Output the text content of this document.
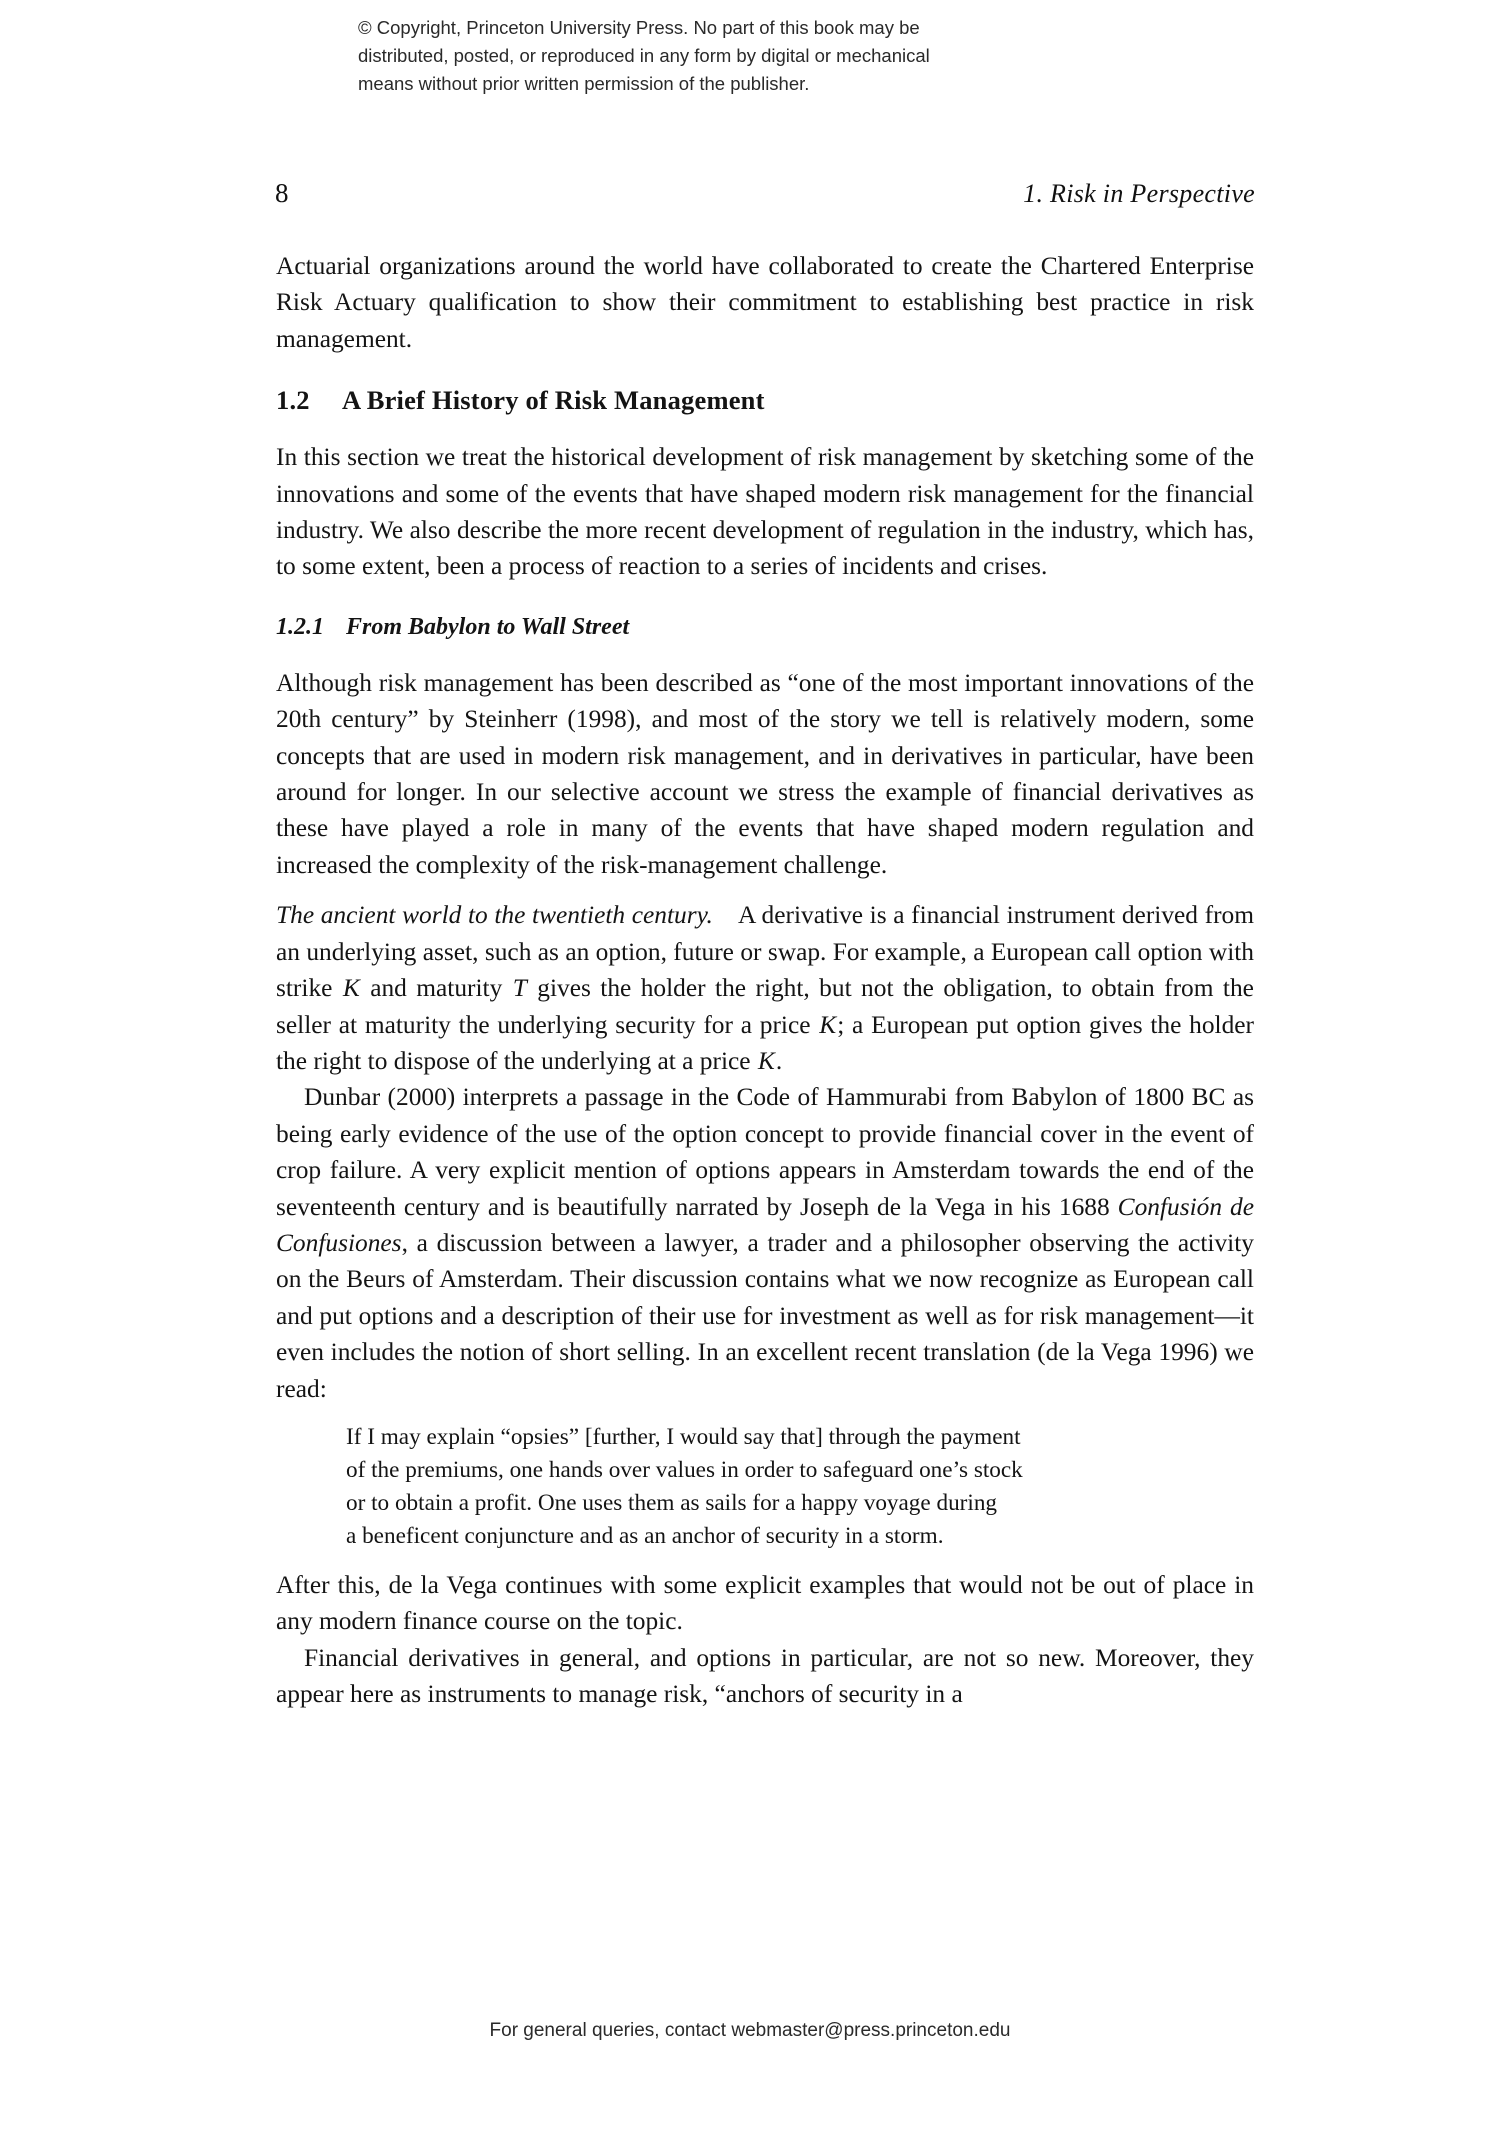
© Copyright, Princeton University Press. No part of this book may be
distributed, posted, or reproduced in any form by digital or mechanical
means without prior written permission of the publisher.
8	1. Risk in Perspective

Actuarial organizations around the world have collaborated to create the Chartered Enterprise Risk Actuary qualification to show their commitment to establishing best practice in risk management.

1.2 A Brief History of Risk Management

In this section we treat the historical development of risk management by sketching some of the innovations and some of the events that have shaped modern risk management for the financial industry. We also describe the more recent development of regulation in the industry, which has, to some extent, been a process of reaction to a series of incidents and crises.

1.2.1 From Babylon to Wall Street

Although risk management has been described as “one of the most important innovations of the 20th century” by Steinherr (1998), and most of the story we tell is relatively modern, some concepts that are used in modern risk management, and in derivatives in particular, have been around for longer. In our selective account we stress the example of financial derivatives as these have played a role in many of the events that have shaped modern regulation and increased the complexity of the risk-management challenge.

The ancient world to the twentieth century. A derivative is a financial instrument derived from an underlying asset, such as an option, future or swap. For example, a European call option with strike K and maturity T gives the holder the right, but not the obligation, to obtain from the seller at maturity the underlying security for a price K; a European put option gives the holder the right to dispose of the underlying at a price K.

Dunbar (2000) interprets a passage in the Code of Hammurabi from Babylon of 1800 BC as being early evidence of the use of the option concept to provide financial cover in the event of crop failure. A very explicit mention of options appears in Amsterdam towards the end of the seventeenth century and is beautifully narrated by Joseph de la Vega in his 1688 Confusión de Confusiones, a discussion between a lawyer, a trader and a philosopher observing the activity on the Beurs of Amsterdam. Their discussion contains what we now recognize as European call and put options and a description of their use for investment as well as for risk management—it even includes the notion of short selling. In an excellent recent translation (de la Vega 1996) we read:

If I may explain “opsies” [further, I would say that] through the payment
of the premiums, one hands over values in order to safeguard one’s stock
or to obtain a profit. One uses them as sails for a happy voyage during
a beneficent conjuncture and as an anchor of security in a storm.

After this, de la Vega continues with some explicit examples that would not be out of place in any modern finance course on the topic.

Financial derivatives in general, and options in particular, are not so new. Moreover, they appear here as instruments to manage risk, “anchors of security in a

For general queries, contact webmaster@press.princeton.edu
